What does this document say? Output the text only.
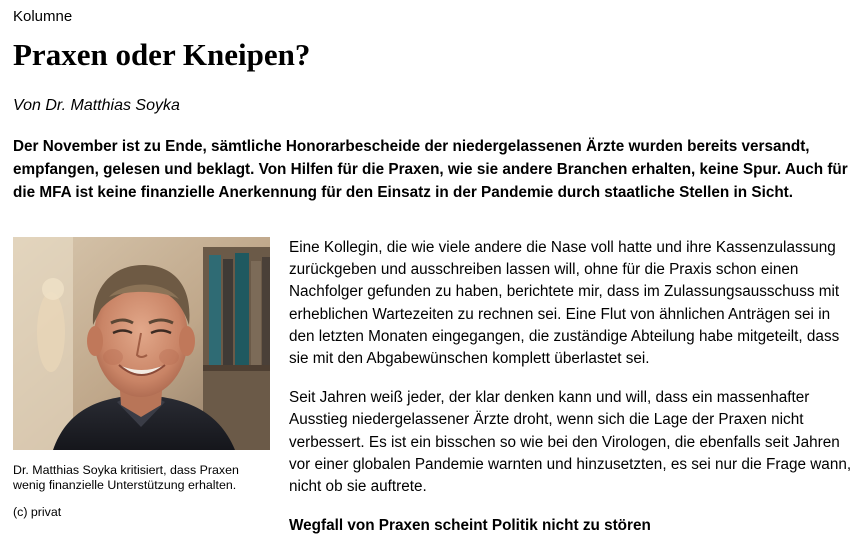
Kolumne
Praxen oder Kneipen?
Von Dr. Matthias Soyka

Der November ist zu Ende, sämtliche Honorarbescheide der niedergelassenen Ärzte wurden bereits versandt, empfangen, gelesen und beklagt. Von Hilfen für die Praxen, wie sie andere Branchen erhalten, keine Spur. Auch für die MFA ist keine finanzielle Anerkennung für den Einsatz in der Pandemie durch staatliche Stellen in Sicht.

Dr. Matthias Soyka kritisiert, dass Praxen wenig finanzielle Unterstützung erhalten.
(c) privat

Eine Kollegin, die wie viele andere die Nase voll hatte und ihre Kassenzulassung zurückgeben und ausschreiben lassen will, ohne für die Praxis schon einen Nachfolger gefunden zu haben, berichtete mir, dass im Zulassungsausschuss mit erheblichen Wartezeiten zu rechnen sei. Eine Flut von ähnlichen Anträgen sei in den letzten Monaten eingegangen, die zuständige Abteilung habe mitgeteilt, dass sie mit den Abgabewünschen komplett überlastet sei.

Seit Jahren weiß jeder, der klar denken kann und will, dass ein massenhafter Ausstieg niedergelassener Ärzte droht, wenn sich die Lage der Praxen nicht verbessert. Es ist ein bisschen so wie bei den Virologen, die ebenfalls seit Jahren vor einer globalen Pandemie warnten und hinzusetzten, es sei nur die Frage wann, nicht ob sie auftrete.

Wegfall von Praxen scheint Politik nicht zu stören
